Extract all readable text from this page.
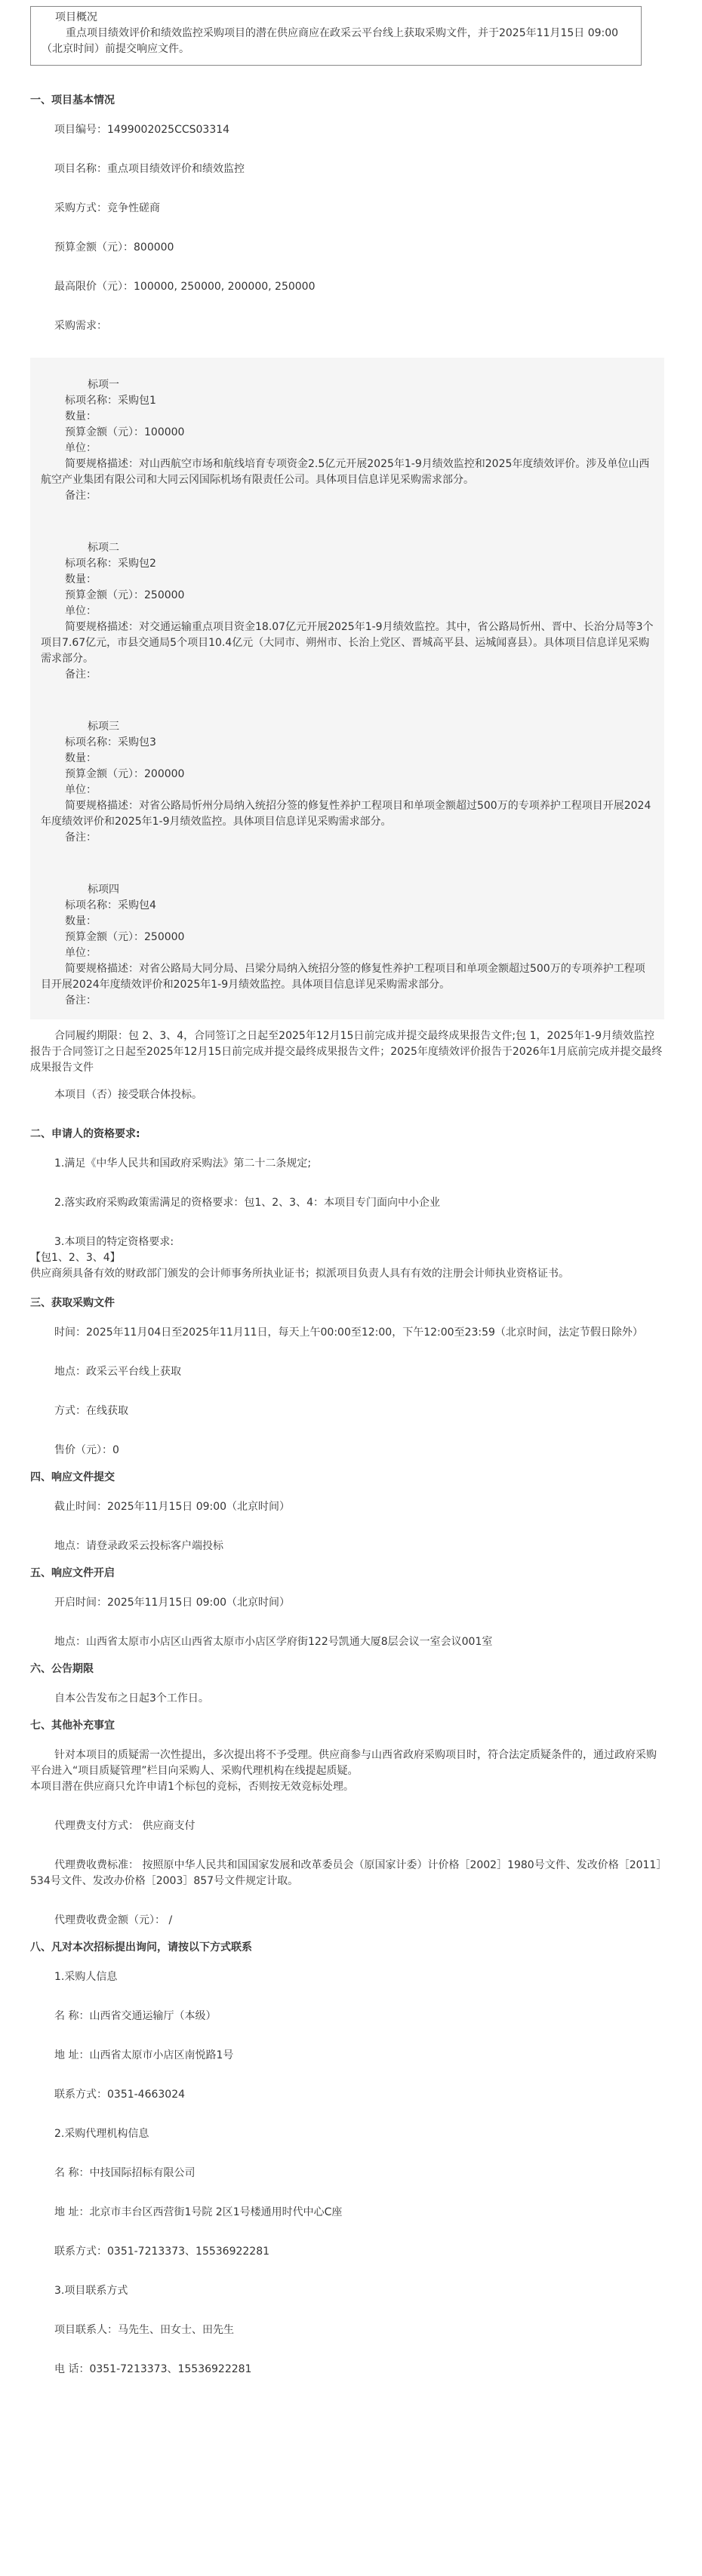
项目概况
重点项目绩效评价和绩效监控采购项目的潜在供应商应在政采云平台线上获取采购文件，并于2025年11月15日 09:00（北京时间）前提交响应文件。
一、项目基本情况
项目编号：1499002025CCS03314
项目名称：重点项目绩效评价和绩效监控
采购方式：竞争性磋商
预算金额（元）：800000
最高限价（元）：100000, 250000, 200000, 250000
采购需求：
标项一
标项名称：采购包1
数量：
预算金额（元）：100000
单位：
简要规格描述：对山西航空市场和航线培育专项资金2.5亿元开展2025年1-9月绩效监控和2025年度绩效评价。涉及单位山西航空产业集团有限公司和大同云冈国际机场有限责任公司。具体项目信息详见采购需求部分。
备注：
标项二
标项名称：采购包2
数量：
预算金额（元）：250000
单位：
简要规格描述：对交通运输重点项目资金18.07亿元开展2025年1-9月绩效监控。其中，省公路局忻州、晋中、长治分局等3个项目7.67亿元，市县交通局5个项目10.4亿元（大同市、朔州市、长治上党区、晋城高平县、运城闻喜县）。具体项目信息详见采购需求部分。
备注：
标项三
标项名称：采购包3
数量：
预算金额（元）：200000
单位：
简要规格描述：对省公路局忻州分局纳入统招分签的修复性养护工程项目和单项金额超过500万的专项养护工程项目开展2024年度绩效评价和2025年1-9月绩效监控。具体项目信息详见采购需求部分。
备注：
标项四
标项名称：采购包4
数量：
预算金额（元）：250000
单位：
简要规格描述：对省公路局大同分局、吕梁分局纳入统招分签的修复性养护工程项目和单项金额超过500万的专项养护工程项目开展2024年度绩效评价和2025年1-9月绩效监控。具体项目信息详见采购需求部分。
备注：
合同履约期限：包 2、3、4，合同签订之日起至2025年12月15日前完成并提交最终成果报告文件;包 1，2025年1-9月绩效监控报告于合同签订之日起至2025年12月15日前完成并提交最终成果报告文件；2025年度绩效评价报告于2026年1月底前完成并提交最终成果报告文件
本项目（否）接受联合体投标。
二、申请人的资格要求:
1.满足《中华人民共和国政府采购法》第二十二条规定;
2.落实政府采购政策需满足的资格要求：包1、2、3、4：本项目专门面向中小企业
3.本项目的特定资格要求:
【包1、2、3、4】
供应商须具备有效的财政部门颁发的会计师事务所执业证书；拟派项目负责人具有有效的注册会计师执业资格证书。
三、获取采购文件
时间：2025年11月04日至2025年11月11日，每天上午00:00至12:00，下午12:00至23:59（北京时间，法定节假日除外）
地点：政采云平台线上获取
方式：在线获取
售价（元）：0
四、响应文件提交
截止时间：2025年11月15日 09:00（北京时间）
地点：请登录政采云投标客户端投标
五、响应文件开启
开启时间：2025年11月15日 09:00（北京时间）
地点：山西省太原市小店区山西省太原市小店区学府街122号凯通大厦8层会议一室会议001室
六、公告期限
自本公告发布之日起3个工作日。
七、其他补充事宜
针对本项目的质疑需一次性提出，多次提出将不予受理。供应商参与山西省政府采购项目时，符合法定质疑条件的，通过政府采购平台进入“项目质疑管理”栏目向采购人、采购代理机构在线提起质疑。
本项目潜在供应商只允许申请1个标包的竞标，否则按无效竞标处理。
代理费支付方式： 供应商支付
代理费收费标准： 按照原中华人民共和国国家发展和改革委员会（原国家计委）计价格［2002］1980号文件、发改价格［2011］534号文件、发改办价格［2003］857号文件规定计取。
代理费收费金额（元）： /
八、凡对本次招标提出询问，请按以下方式联系
1.采购人信息
名 称：山西省交通运输厅（本级）
地 址：山西省太原市小店区南悦路1号
联系方式：0351-4663024
2.采购代理机构信息
名 称：中技国际招标有限公司
地 址：北京市丰台区西营街1号院 2区1号楼通用时代中心C座
联系方式：0351-7213373、15536922281
3.项目联系方式
项目联系人：马先生、田女士、田先生
电 话：0351-7213373、15536922281
